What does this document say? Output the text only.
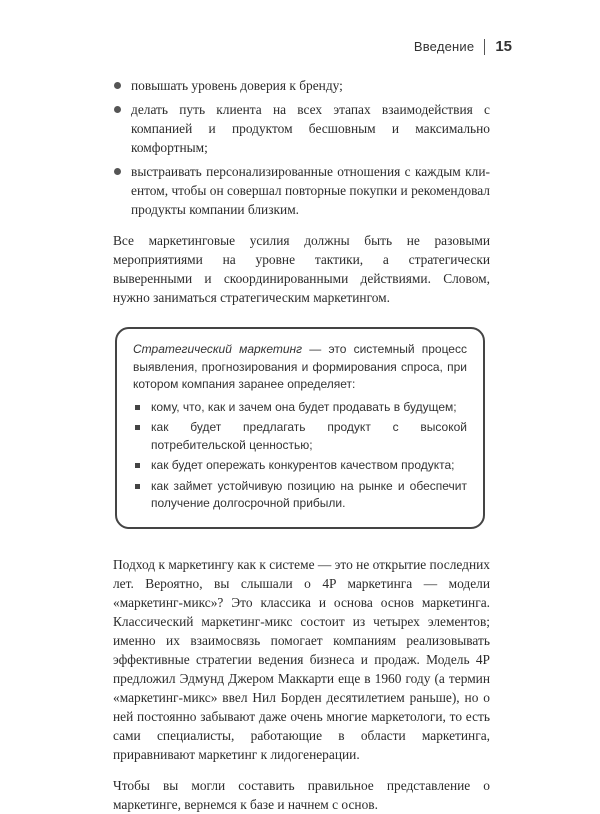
Введение 15
повышать уровень доверия к бренду;
делать путь клиента на всех этапах взаимодействия с компанией и продуктом бесшовным и максимально комфортным;
выстраивать персонализированные отношения с каждым клиентом, чтобы он совершал повторные покупки и рекомендовал продукты компании близким.

Все маркетинговые усилия должны быть не разовыми мероприятиями на уровне тактики, а стратегически выверенными и скоординированными действиями. Словом, нужно заниматься стратегическим маркетингом.

Стратегический маркетинг — это системный процесс выявления, прогнозирования и формирования спроса, при котором компания заранее определяет:

кому, что, как и зачем она будет продавать в будущем;
как будет предлагать продукт с высокой потребительской ценностью;
как будет опережать конкурентов качеством продукта;
как займет устойчивую позицию на рынке и обеспечит получение долгосрочной прибыли.

Подход к маркетингу как к системе — это не открытие последних лет. Вероятно, вы слышали о 4P маркетинга — модели «маркетинг-микс»? Это классика и основа основ маркетинга. Классический маркетинг-микс состоит из четырех элементов; именно их взаимосвязь помогает компаниям реализовывать эффективные стратегии ведения бизнеса и продаж. Модель 4P предложил Эдмунд Джером Маккарти еще в 1960 году (а термин «маркетинг-микс» ввел Нил Борден десятилетием раньше), но о ней постоянно забывают даже очень многие маркетологи, то есть сами специалисты, работающие в области маркетинга, приравнивают маркетинг к лидогенерации.

Чтобы вы могли составить правильное представление о маркетинге, вернемся к базе и начнем с основ.
